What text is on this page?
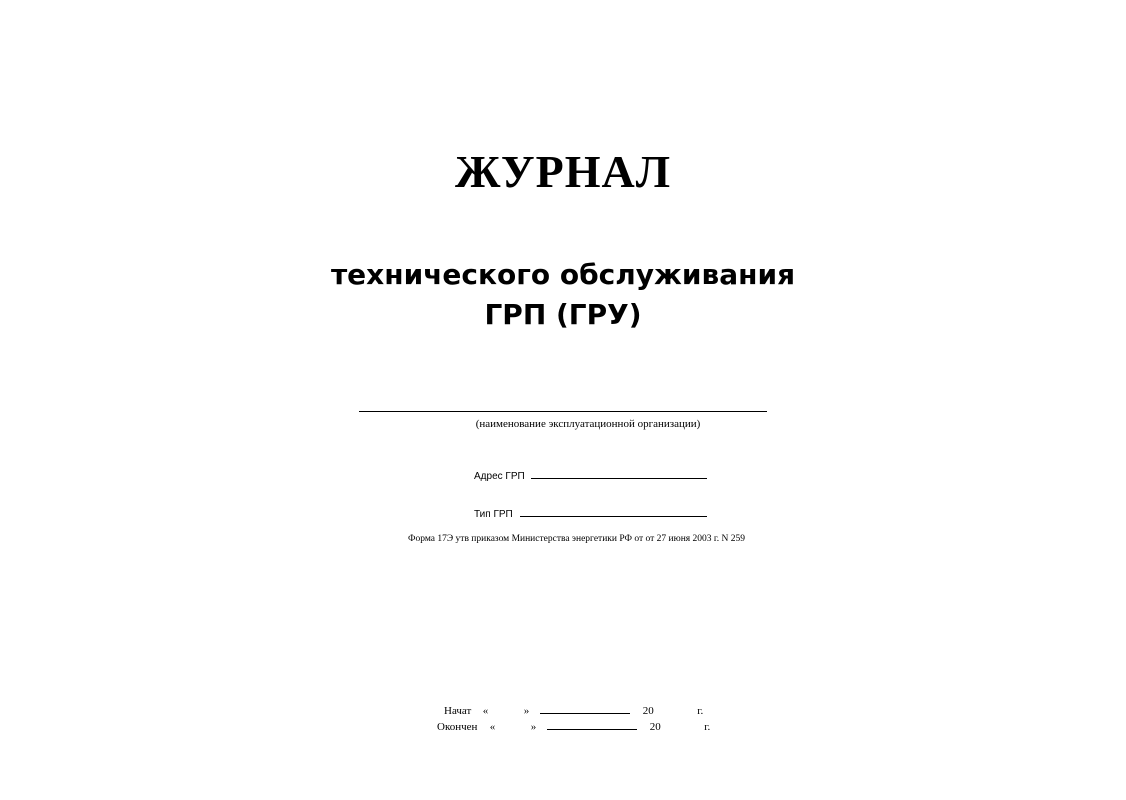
ЖУРНАЛ
технического обслуживания
ГРП (ГРУ)
(наименование эксплуатационной организации)
Адрес ГРП
Тип ГРП
Форма 17Э утв приказом Министерства энергетики РФ от от 27 июня 2003 г. N 259
Начат «	»	20	г.
Окончен «	»	20	г.
